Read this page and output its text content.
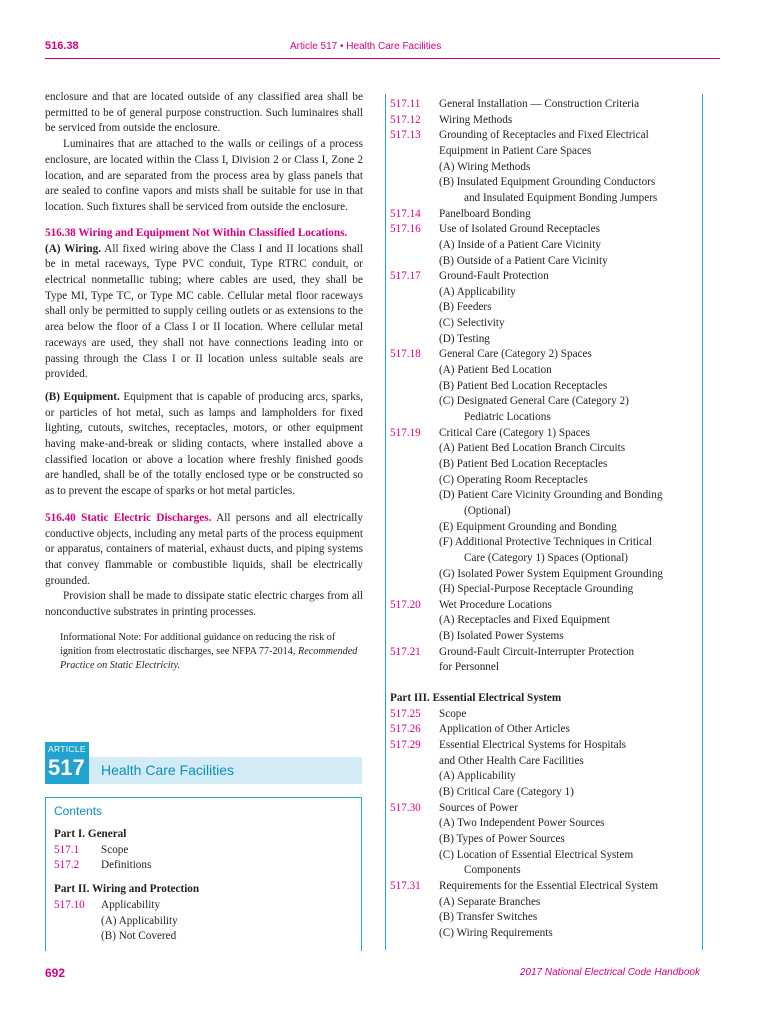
516.38	Article 517 • Health Care Facilities

enclosure and that are located outside of any classified area shall be permitted to be of general purpose construction. Such luminaires shall be serviced from outside the enclosure.

Luminaires that are attached to the walls or ceilings of a process enclosure, are located within the Class I, Division 2 or Class I, Zone 2 location, and are separated from the process area by glass panels that are sealed to confine vapors and mists shall be suitable for use in that location. Such fixtures shall be serviced from outside the enclosure.

516.38 Wiring and Equipment Not Within Classified Locations.

(A) Wiring. All fixed wiring above the Class I and II locations shall be in metal raceways, Type PVC conduit, Type RTRC conduit, or electrical nonmetallic tubing; where cables are used, they shall be Type MI, Type TC, or Type MC cable. Cellular metal floor raceways shall only be permitted to supply ceiling outlets or as extensions to the area below the floor of a Class I or II location. Where cellular metal raceways are used, they shall not have connections leading into or passing through the Class I or II location unless suitable seals are provided.

(B) Equipment. Equipment that is capable of producing arcs, sparks, or particles of hot metal, such as lamps and lampholders for fixed lighting, cutouts, switches, receptacles, motors, or other equipment having make-and-break or sliding contacts, where installed above a classified location or above a location where freshly finished goods are handled, shall be of the totally enclosed type or be constructed so as to prevent the escape of sparks or hot metal particles.

516.40 Static Electric Discharges. All persons and all electrically conductive objects, including any metal parts of the process equipment or apparatus, containers of material, exhaust ducts, and piping systems that convey flammable or combustible liquids, shall be electrically grounded.

Provision shall be made to dissipate static electric charges from all nonconductive substrates in printing processes.

Informational Note: For additional guidance on reducing the risk of ignition from electrostatic discharges, see NFPA 77-2014, Recommended Practice on Static Electricity.

ARTICLE
517 Health Care Facilities
Contents
Part I. General
517.1 Scope
517.2 Definitions
Part II. Wiring and Protection
517.10 Applicability
(A) Applicability
(B) Not Covered
517.11 General Installation — Construction Criteria
517.12 Wiring Methods
517.13 Grounding of Receptacles and Fixed Electrical
Equipment in Patient Care Spaces
(A) Wiring Methods
(B) Insulated Equipment Grounding Conductors
and Insulated Equipment Bonding Jumpers
517.14 Panelboard Bonding
517.16 Use of Isolated Ground Receptacles
(A) Inside of a Patient Care Vicinity
(B) Outside of a Patient Care Vicinity
517.17 Ground-Fault Protection
(A) Applicability
(B) Feeders
(C) Selectivity
(D) Testing
517.18 General Care (Category 2) Spaces
(A) Patient Bed Location
(B) Patient Bed Location Receptacles
(C) Designated General Care (Category 2)
Pediatric Locations
517.19 Critical Care (Category 1) Spaces
(A) Patient Bed Location Branch Circuits
(B) Patient Bed Location Receptacles
(C) Operating Room Receptacles
(D) Patient Care Vicinity Grounding and Bonding
(Optional)
(E) Equipment Grounding and Bonding
(F) Additional Protective Techniques in Critical
Care (Category 1) Spaces (Optional)
(G) Isolated Power System Equipment Grounding
(H) Special-Purpose Receptacle Grounding
517.20 Wet Procedure Locations
(A) Receptacles and Fixed Equipment
(B) Isolated Power Systems
517.21 Ground-Fault Circuit-Interrupter Protection
for Personnel
Part III. Essential Electrical System
517.25 Scope
517.26 Application of Other Articles
517.29 Essential Electrical Systems for Hospitals
and Other Health Care Facilities
(A) Applicability
(B) Critical Care (Category 1)
517.30 Sources of Power
(A) Two Independent Power Sources
(B) Types of Power Sources
(C) Location of Essential Electrical System
Components
517.31 Requirements for the Essential Electrical System
(A) Separate Branches
(B) Transfer Switches
(C) Wiring Requirements
692	2017 National Electrical Code Handbook
